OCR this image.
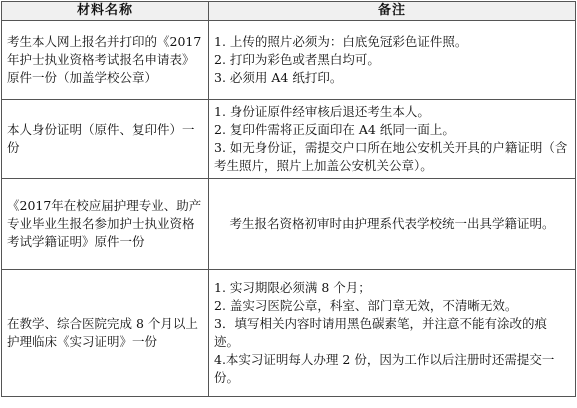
材料名称	备注
考生本人网上报名并打印的《2017年护士执业资格考试报名申请表》原件一份（加盖学校公章）	1. 上传的照片必须为：白底免冠彩色证件照。
2. 打印为彩色或者黑白均可。
3. 必须用 A4 纸打印。

本人身份证明（原件、复印件）一份	1. 身份证原件经审核后退还考生本人。
2. 复印件需将正反面印在 A4 纸同一面上。
3. 如无身份证，需提交户口所在地公安机关开具的户籍证明（含考生照片，照片上加盖公安机关公章）。

《2017年在校应届护理专业、助产专业毕业生报名参加护士执业资格考试学籍证明》原件一份	考生报名资格初审时由护理系代表学校统一出具学籍证明。

在教学、综合医院完成 8 个月以上护理临床《实习证明》一份	1. 实习期限必须满 8 个月；
2. 盖实习医院公章，科室、部门章无效，不清晰无效。
3．填写相关内容时请用黑色碳素笔，并注意不能有涂改的痕迹。
4.本实习证明每人办理 2 份，因为工作以后注册时还需提交一份。
